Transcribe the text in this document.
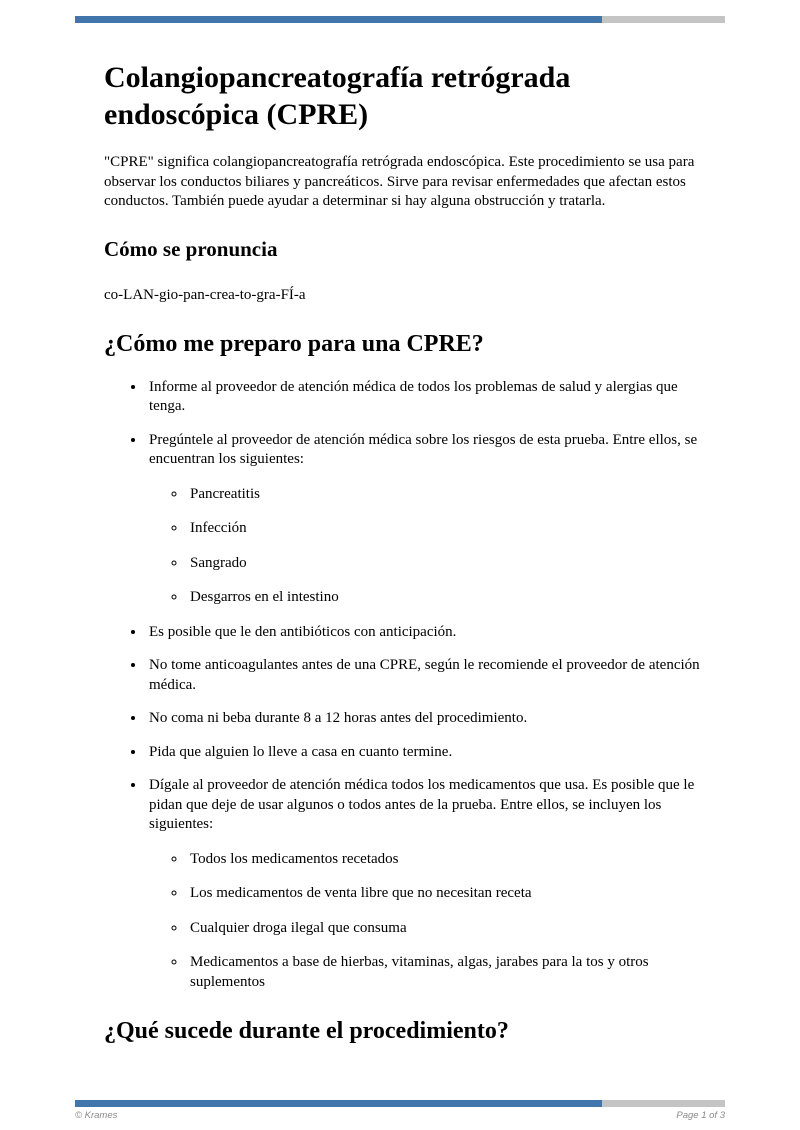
Colangiopancreatografía retrógrada endoscópica (CPRE)

"CPRE" significa colangiopancreatografía retrógrada endoscópica. Este procedimiento se usa para observar los conductos biliares y pancreáticos. Sirve para revisar enfermedades que afectan estos conductos. También puede ayudar a determinar si hay alguna obstrucción y tratarla.

Cómo se pronuncia

co-LAN-gio-pan-crea-to-gra-FÍ-a

¿Cómo me preparo para una CPRE?
• Informe al proveedor de atención médica de todos los problemas de salud y alergias que tenga.
• Pregúntele al proveedor de atención médica sobre los riesgos de esta prueba. Entre ellos, se encuentran los siguientes:
◦ Pancreatitis
◦ Infección
◦ Sangrado
◦ Desgarros en el intestino
• Es posible que le den antibióticos con anticipación.
• No tome anticoagulantes antes de una CPRE, según le recomiende el proveedor de atención médica.
• No coma ni beba durante 8 a 12 horas antes del procedimiento.
• Pida que alguien lo lleve a casa en cuanto termine.
• Dígale al proveedor de atención médica todos los medicamentos que usa. Es posible que le pidan que deje de usar algunos o todos antes de la prueba. Entre ellos, se incluyen los siguientes:
◦ Todos los medicamentos recetados
◦ Los medicamentos de venta libre que no necesitan receta
◦ Cualquier droga ilegal que consuma
◦ Medicamentos a base de hierbas, vitaminas, algas, jarabes para la tos y otros suplementos
¿Qué sucede durante el procedimiento?
© Krames	Page 1 of 3
